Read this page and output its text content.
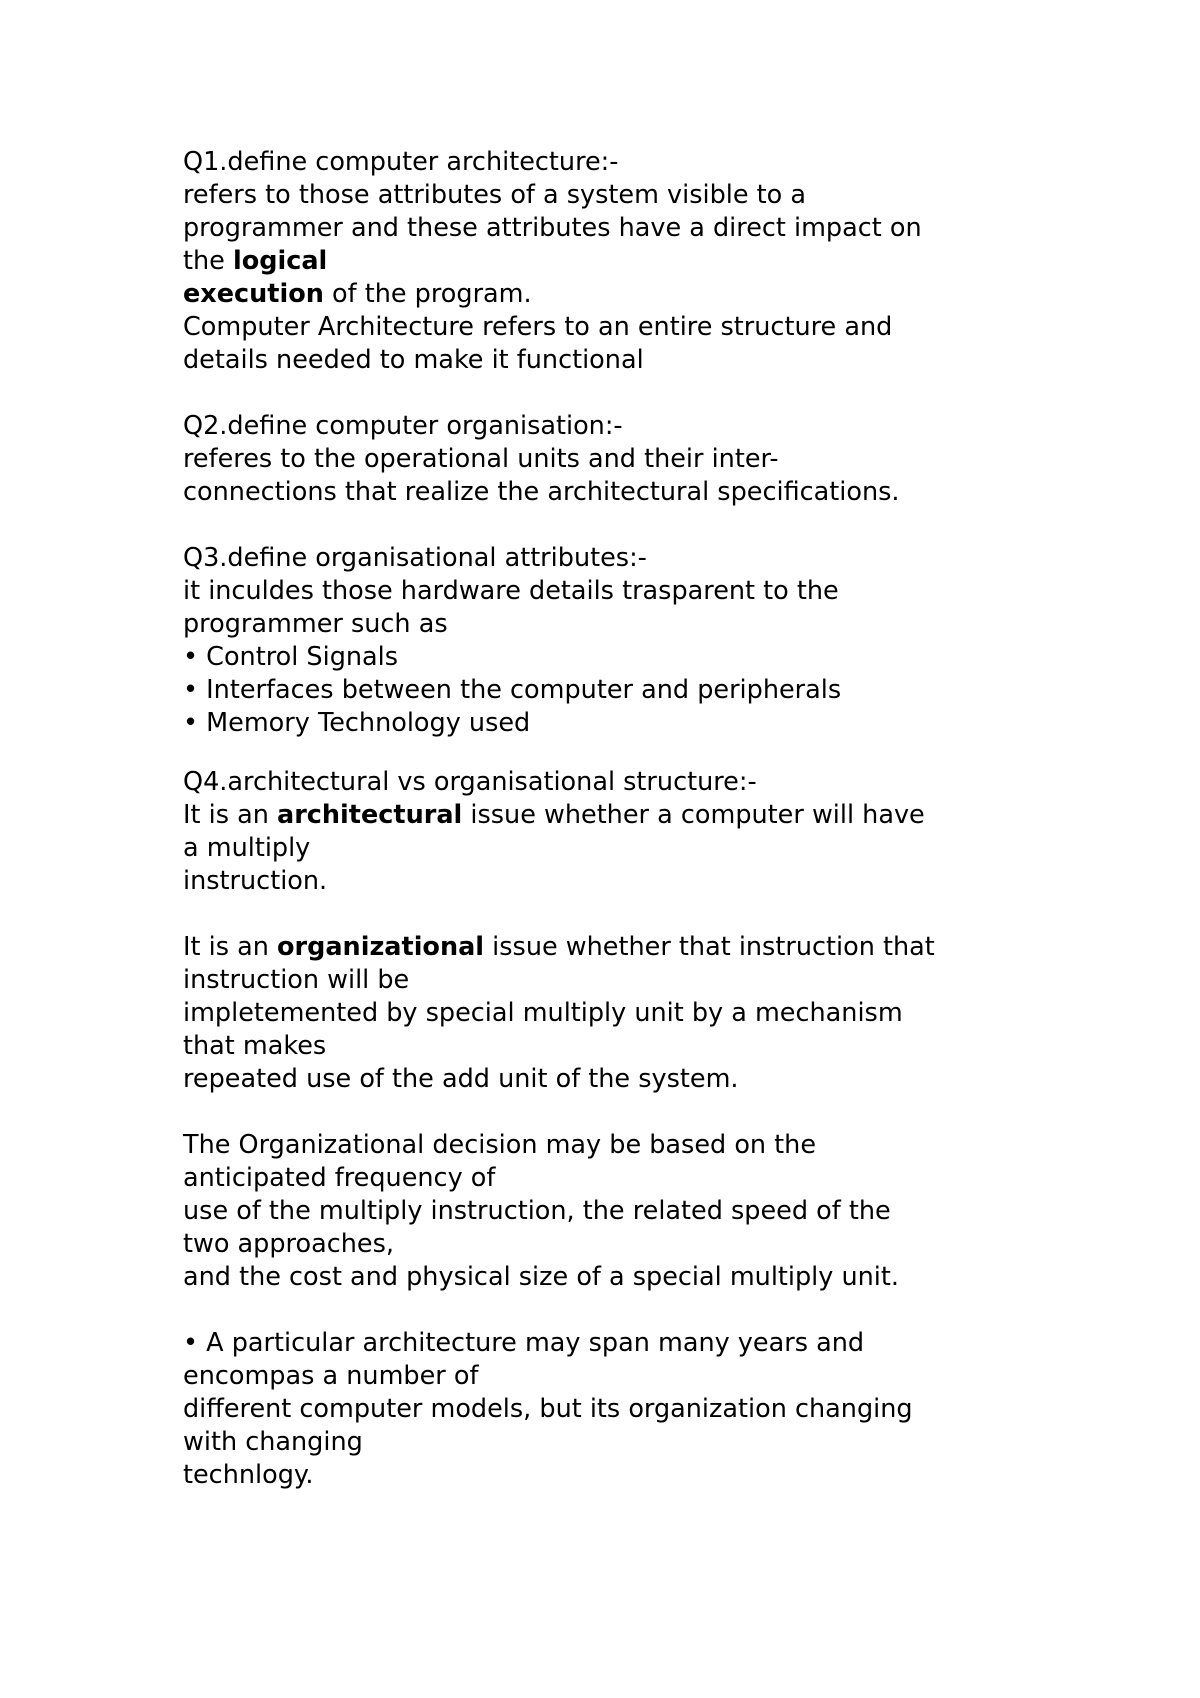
Q1.define computer architecture:-
refers to those attributes of a system visible to a
programmer and these attributes have a direct impact on
the logical
execution of the program.
Computer Architecture refers to an entire structure and
details needed to make it functional
Q2.define computer organisation:-
referes to the operational units and their inter-
connections that realize the architectural specifications.
Q3.define organisational attributes:-
it inculdes those hardware details trasparent to the
programmer such as
• Control Signals
• Interfaces between the computer and peripherals
• Memory Technology used
Q4.architectural vs organisational structure:-
It is an architectural issue whether a computer will have
a multiply
instruction.
It is an organizational issue whether that instruction that
instruction will be
impletemented by special multiply unit by a mechanism
that makes
repeated use of the add unit of the system.
The Organizational decision may be based on the
anticipated frequency of
use of the multiply instruction, the related speed of the
two approaches,
and the cost and physical size of a special multiply unit.
• A particular architecture may span many years and
encompas a number of
different computer models, but its organization changing
with changing
technlogy.
